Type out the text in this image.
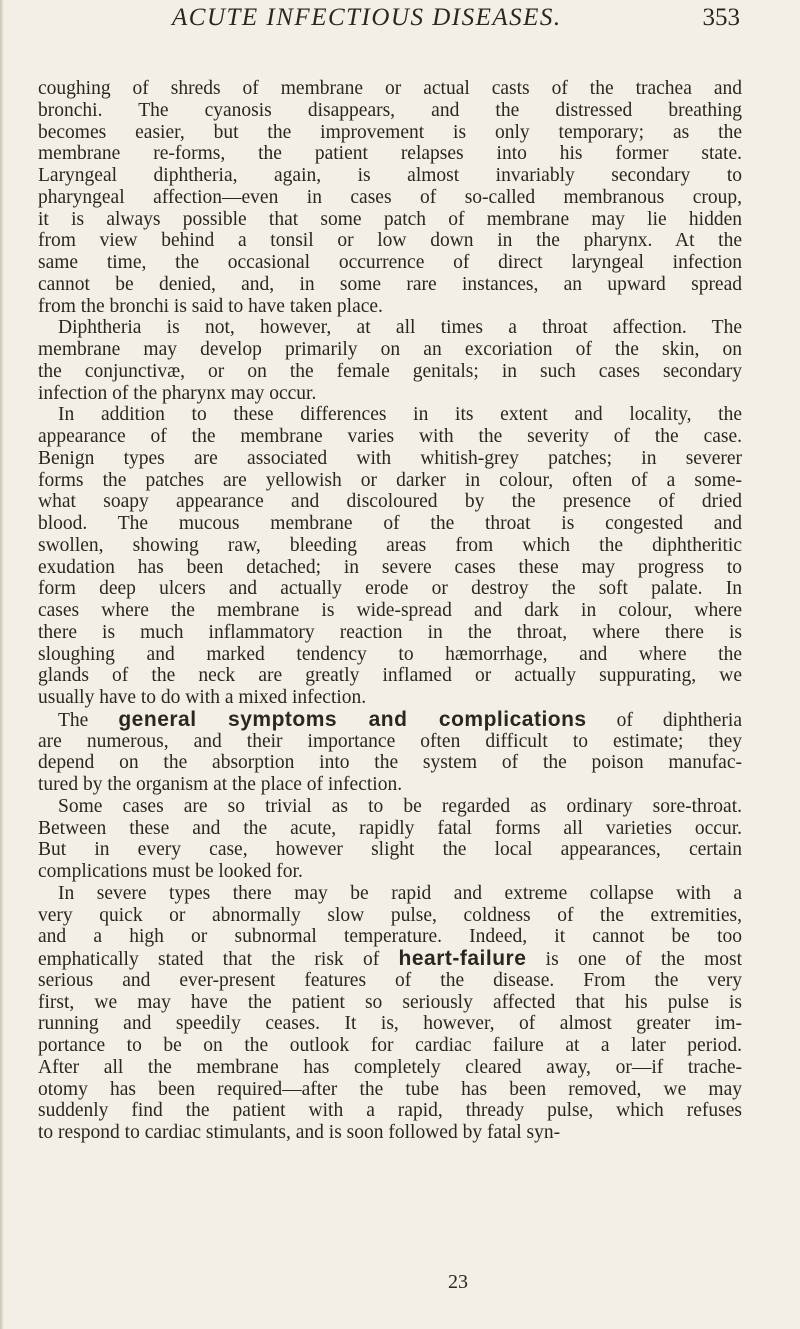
ACUTE INFECTIOUS DISEASES.	353
coughing of shreds of membrane or actual casts of the trachea and
bronchi. The cyanosis disappears, and the distressed breathing
becomes easier, but the improvement is only temporary; as the
membrane re-forms, the patient relapses into his former state.
Laryngeal diphtheria, again, is almost invariably secondary to
pharyngeal affection—even in cases of so-called membranous croup,
it is always possible that some patch of membrane may lie hidden
from view behind a tonsil or low down in the pharynx. At the
same time, the occasional occurrence of direct laryngeal infection
cannot be denied, and, in some rare instances, an upward spread
from the bronchi is said to have taken place.
Diphtheria is not, however, at all times a throat affection. The
membrane may develop primarily on an excoriation of the skin, on
the conjunctivæ, or on the female genitals; in such cases secondary
infection of the pharynx may occur.
In addition to these differences in its extent and locality, the
appearance of the membrane varies with the severity of the case.
Benign types are associated with whitish-grey patches; in severer
forms the patches are yellowish or darker in colour, often of a some-
what soapy appearance and discoloured by the presence of dried
blood. The mucous membrane of the throat is congested and
swollen, showing raw, bleeding areas from which the diphtheritic
exudation has been detached; in severe cases these may progress to
form deep ulcers and actually erode or destroy the soft palate. In
cases where the membrane is wide-spread and dark in colour, where
there is much inflammatory reaction in the throat, where there is
sloughing and marked tendency to hæmorrhage, and where the
glands of the neck are greatly inflamed or actually suppurating, we
usually have to do with a mixed infection.
The general symptoms and complications of diphtheria
are numerous, and their importance often difficult to estimate; they
depend on the absorption into the system of the poison manufac-
tured by the organism at the place of infection.
Some cases are so trivial as to be regarded as ordinary sore-throat.
Between these and the acute, rapidly fatal forms all varieties occur.
But in every case, however slight the local appearances, certain
complications must be looked for.
In severe types there may be rapid and extreme collapse with a
very quick or abnormally slow pulse, coldness of the extremities,
and a high or subnormal temperature. Indeed, it cannot be too
emphatically stated that the risk of heart-failure is one of the most
serious and ever-present features of the disease. From the very
first, we may have the patient so seriously affected that his pulse is
running and speedily ceases. It is, however, of almost greater im-
portance to be on the outlook for cardiac failure at a later period.
After all the membrane has completely cleared away, or—if trache-
otomy has been required—after the tube has been removed, we may
suddenly find the patient with a rapid, thready pulse, which refuses
to respond to cardiac stimulants, and is soon followed by fatal syn-
23
